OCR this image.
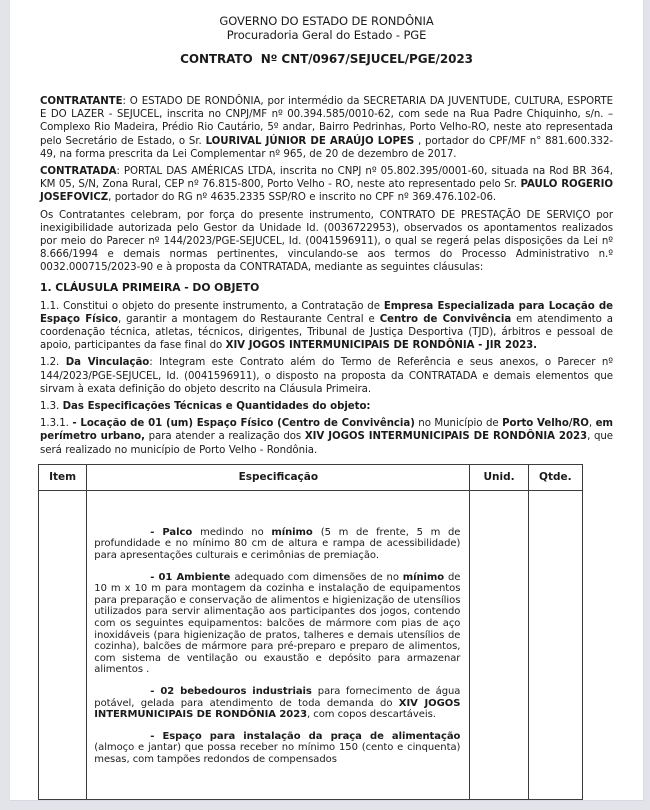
GOVERNO DO ESTADO DE RONDÔNIA
Procuradoria Geral do Estado - PGE
CONTRATO  Nº CNT/0967/SEJUCEL/PGE/2023

CONTRATANTE: O ESTADO DE RONDÔNIA, por intermédio da SECRETARIA DA JUVENTUDE, CULTURA, ESPORTE E DO LAZER - SEJUCEL, inscrita no CNPJ/MF nº 00.394.585/0010-62, com sede na Rua Padre Chiquinho, s/n. – Complexo Rio Madeira, Prédio Rio Cautário, 5º andar, Bairro Pedrinhas, Porto Velho-RO, neste ato representada pelo Secretário de Estado, o Sr. LOURIVAL JÚNIOR DE ARAÚJO LOPES , portador do CPF/MF n° 881.600.332-49, na forma prescrita da Lei Complementar nº 965, de 20 de dezembro de 2017.

CONTRATADA: PORTAL DAS AMÉRICAS LTDA, inscrita no CNPJ nº 05.802.395/0001-60, situada na Rod BR 364, KM 05, S/N, Zona Rural, CEP nº 76.815-800, Porto Velho - RO, neste ato representado pelo Sr. PAULO ROGERIO JOSEFOVICZ, portador do RG nº 4635.2335 SSP/RO e inscrito no CPF nº 369.476.102-06.

Os Contratantes celebram, por força do presente instrumento, CONTRATO DE PRESTAÇÃO DE SERVIÇO por inexigibilidade autorizada pelo Gestor da Unidade Id. (0036722953), observados os apontamentos realizados por meio do Parecer nº 144/2023/PGE-SEJUCEL, Id. (0041596911), o qual se regerá pelas disposições da Lei nº 8.666/1994 e demais normas pertinentes, vinculando-se aos termos do Processo Administrativo n.º 0032.000715/2023-90 e à proposta da CONTRATADA, mediante as seguintes cláusulas:

1. CLÁUSULA PRIMEIRA - DO OBJETO

1.1. Constitui o objeto do presente instrumento, a Contratação de Empresa Especializada para Locação de Espaço Físico, garantir a montagem do Restaurante Central e Centro de Convivência em atendimento a coordenação técnica, atletas, técnicos, dirigentes, Tribunal de Justiça Desportiva (TJD), árbitros e pessoal de apoio, participantes da fase final do XIV JOGOS INTERMUNICIPAIS DE RONDÔNIA - JIR 2023.

1.2. Da Vinculação: Integram este Contrato além do Termo de Referência e seus anexos, o Parecer nº 144/2023/PGE-SEJUCEL, Id. (0041596911), o disposto na proposta da CONTRATADA e demais elementos que sirvam à exata definição do objeto descrito na Cláusula Primeira.

1.3. Das Especificações Técnicas e Quantidades do objeto:

1.3.1. - Locação de 01 (um) Espaço Físico (Centro de Convivência) no Município de Porto Velho/RO, em perímetro urbano, para atender a realização dos XIV JOGOS INTERMUNICIPAIS DE RONDÔNIA 2023, que será realizado no município de Porto Velho - Rondônia.

Item	Especificação	Unid.	Qtde.

	- Palco medindo no mínimo (5 m de frente, 5 m de profundidade e no mínimo 80 cm de altura e rampa de acessibilidade) para apresentações culturais e cerimônias de premiação.

- 01 Ambiente adequado com dimensões de no mínimo de 10 m x 10 m para montagem da cozinha e instalação de equipamentos para preparação e conservação de alimentos e higienização de utensílios utilizados para servir alimentação aos participantes dos jogos, contendo com os seguintes equipamentos: balcões de mármore com pias de aço inoxidáveis (para higienização de pratos, talheres e demais utensílios de cozinha), balcões de mármore para pré-preparo e preparo de alimentos, com sistema de ventilação ou exaustão e depósito para armazenar alimentos .

- 02 bebedouros industriais para fornecimento de água potável, gelada para atendimento de toda demanda do XIV JOGOS INTERMUNICIPAIS DE RONDÔNIA 2023, com copos descartáveis.

- Espaço para instalação da praça de alimentação (almoço e jantar) que possa receber no mínimo 150 (cento e cinquenta) mesas, com tampões redondos de compensados		
